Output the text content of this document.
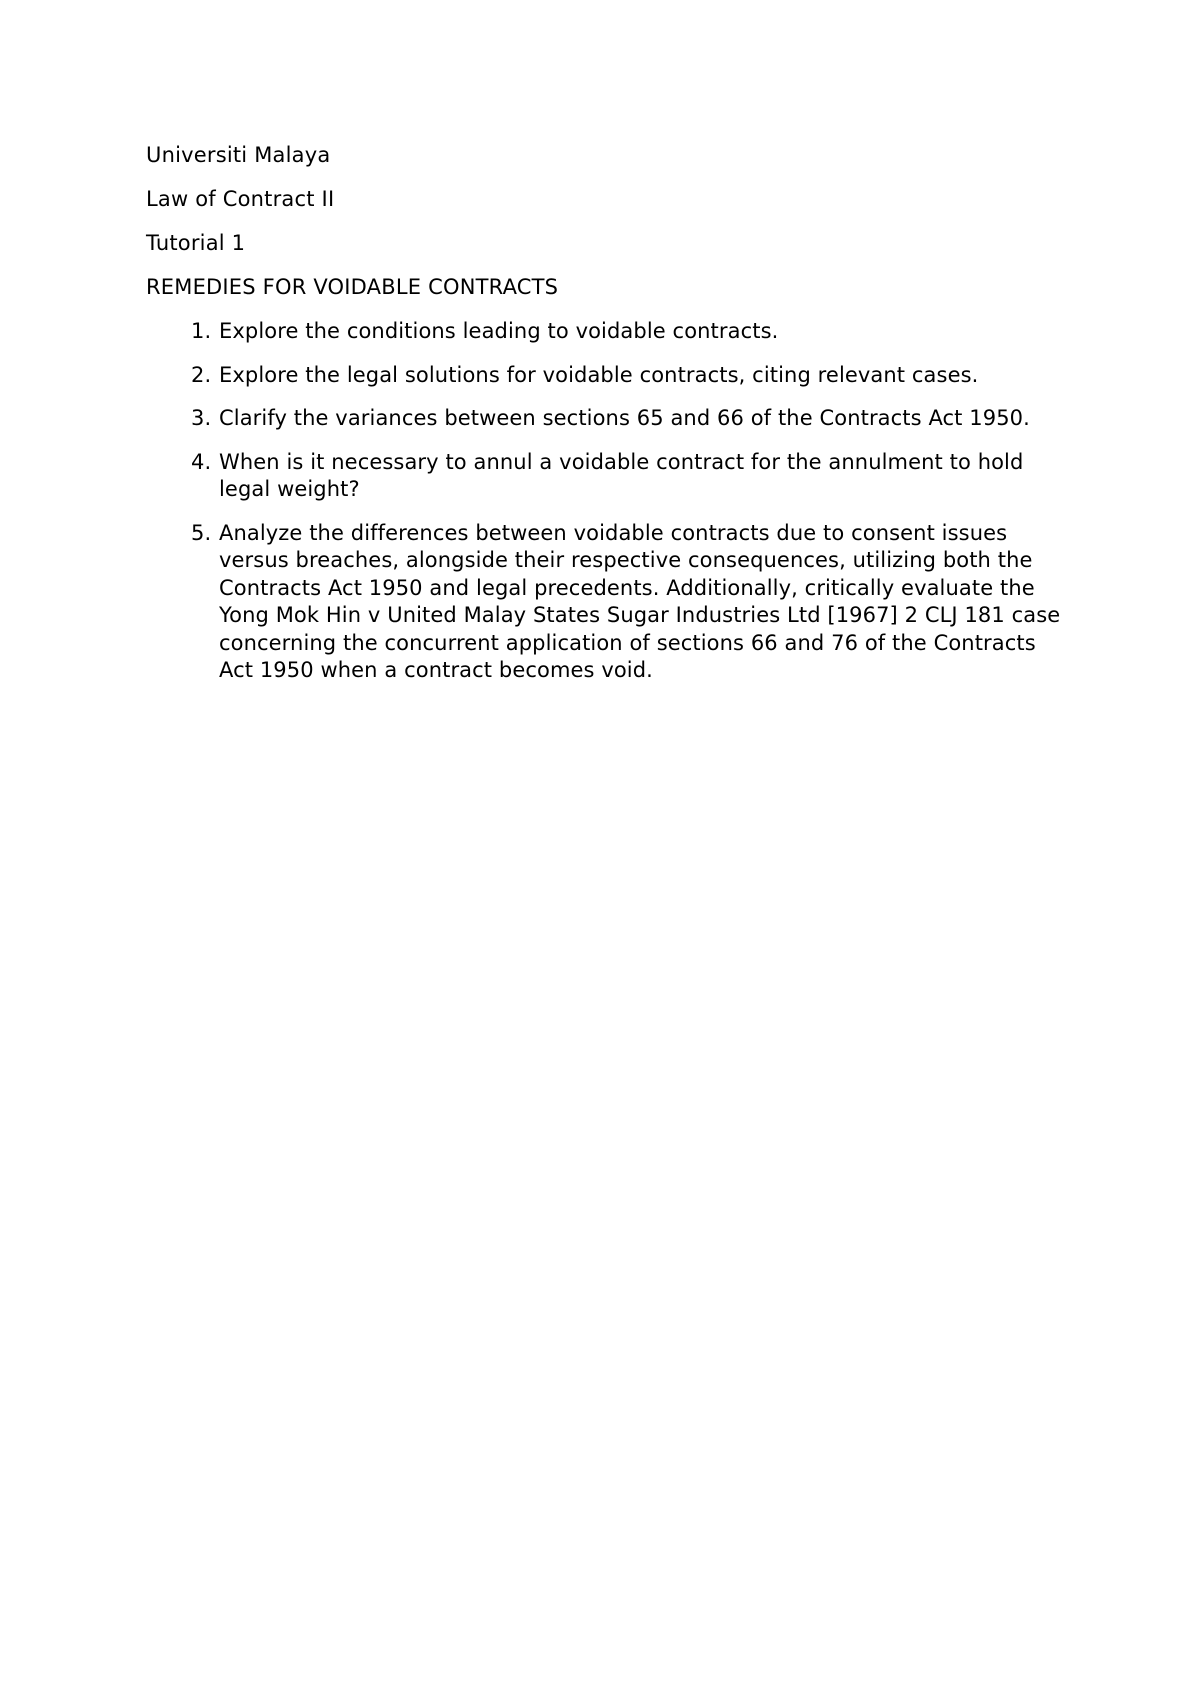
Universiti Malaya
Law of Contract II
Tutorial 1
REMEDIES FOR VOIDABLE CONTRACTS
1. Explore the conditions leading to voidable contracts.
2. Explore the legal solutions for voidable contracts, citing relevant cases.
3. Clarify the variances between sections 65 and 66 of the Contracts Act 1950.
4. When is it necessary to annul a voidable contract for the annulment to hold legal weight?
5. Analyze the differences between voidable contracts due to consent issues versus breaches, alongside their respective consequences, utilizing both the Contracts Act 1950 and legal precedents. Additionally, critically evaluate the Yong Mok Hin v United Malay States Sugar Industries Ltd [1967] 2 CLJ 181 case concerning the concurrent application of sections 66 and 76 of the Contracts Act 1950 when a contract becomes void.
